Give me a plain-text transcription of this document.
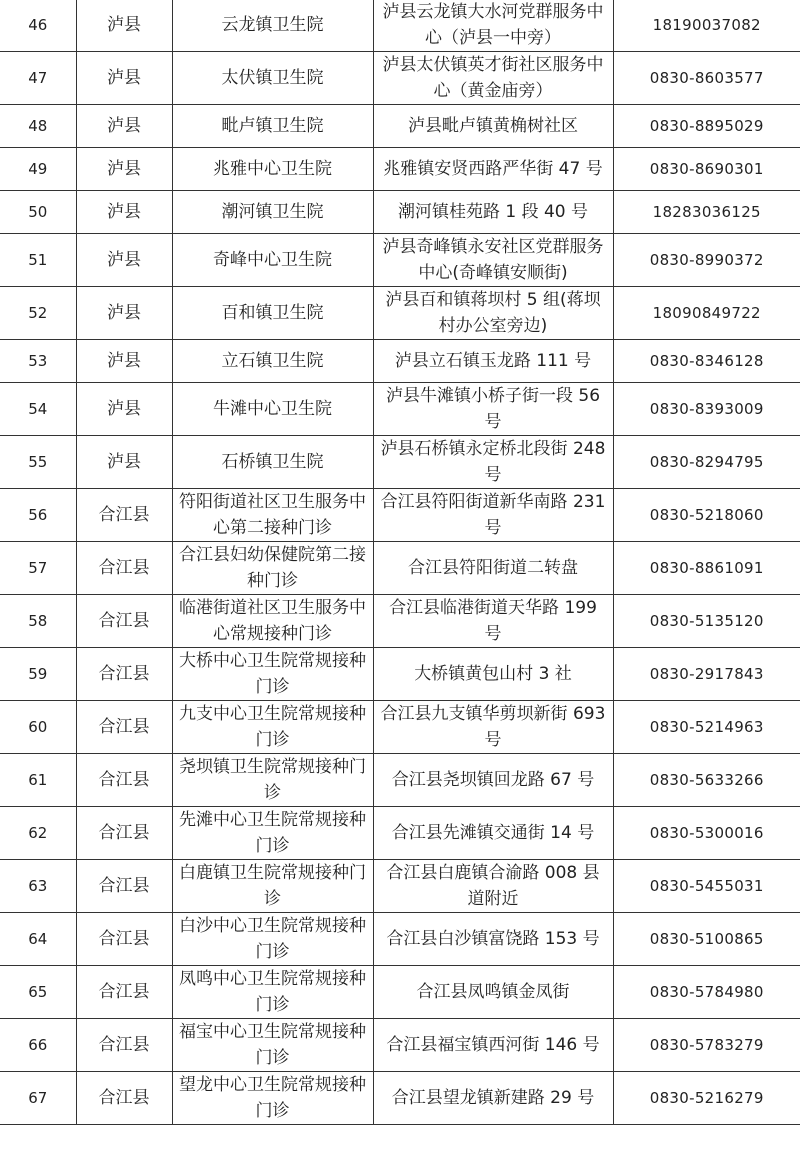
46	泸县	云龙镇卫生院	泸县云龙镇大水河党群服务中心（泸县一中旁）	18190037082
47	泸县	太伏镇卫生院	泸县太伏镇英才街社区服务中心（黄金庙旁）	0830-8603577
48	泸县	毗卢镇卫生院	泸县毗卢镇黄桷树社区	0830-8895029
49	泸县	兆雅中心卫生院	兆雅镇安贤西路严华街 47 号	0830-8690301
50	泸县	潮河镇卫生院	潮河镇桂苑路 1 段 40 号	18283036125
51	泸县	奇峰中心卫生院	泸县奇峰镇永安社区党群服务中心(奇峰镇安顺街)	0830-8990372
52	泸县	百和镇卫生院	泸县百和镇蒋坝村 5 组(蒋坝村办公室旁边)	18090849722
53	泸县	立石镇卫生院	泸县立石镇玉龙路 111 号	0830-8346128
54	泸县	牛滩中心卫生院	泸县牛滩镇小桥子街一段 56 号	0830-8393009
55	泸县	石桥镇卫生院	泸县石桥镇永定桥北段街 248 号	0830-8294795
56	合江县	符阳街道社区卫生服务中心第二接种门诊	合江县符阳街道新华南路 231 号	0830-5218060
57	合江县	合江县妇幼保健院第二接种门诊	合江县符阳街道二转盘	0830-8861091
58	合江县	临港街道社区卫生服务中心常规接种门诊	合江县临港街道天华路 199 号	0830-5135120
59	合江县	大桥中心卫生院常规接种门诊	大桥镇黄包山村 3 社	0830-2917843
60	合江县	九支中心卫生院常规接种门诊	合江县九支镇华剪坝新街 693 号	0830-5214963
61	合江县	尧坝镇卫生院常规接种门诊	合江县尧坝镇回龙路 67 号	0830-5633266
62	合江县	先滩中心卫生院常规接种门诊	合江县先滩镇交通街 14 号	0830-5300016
63	合江县	白鹿镇卫生院常规接种门诊	合江县白鹿镇合渝路 008 县道附近	0830-5455031
64	合江县	白沙中心卫生院常规接种门诊	合江县白沙镇富饶路 153 号	0830-5100865
65	合江县	凤鸣中心卫生院常规接种门诊	合江县凤鸣镇金凤街	0830-5784980
66	合江县	福宝中心卫生院常规接种门诊	合江县福宝镇西河街 146 号	0830-5783279
67	合江县	望龙中心卫生院常规接种门诊	合江县望龙镇新建路 29 号	0830-5216279
